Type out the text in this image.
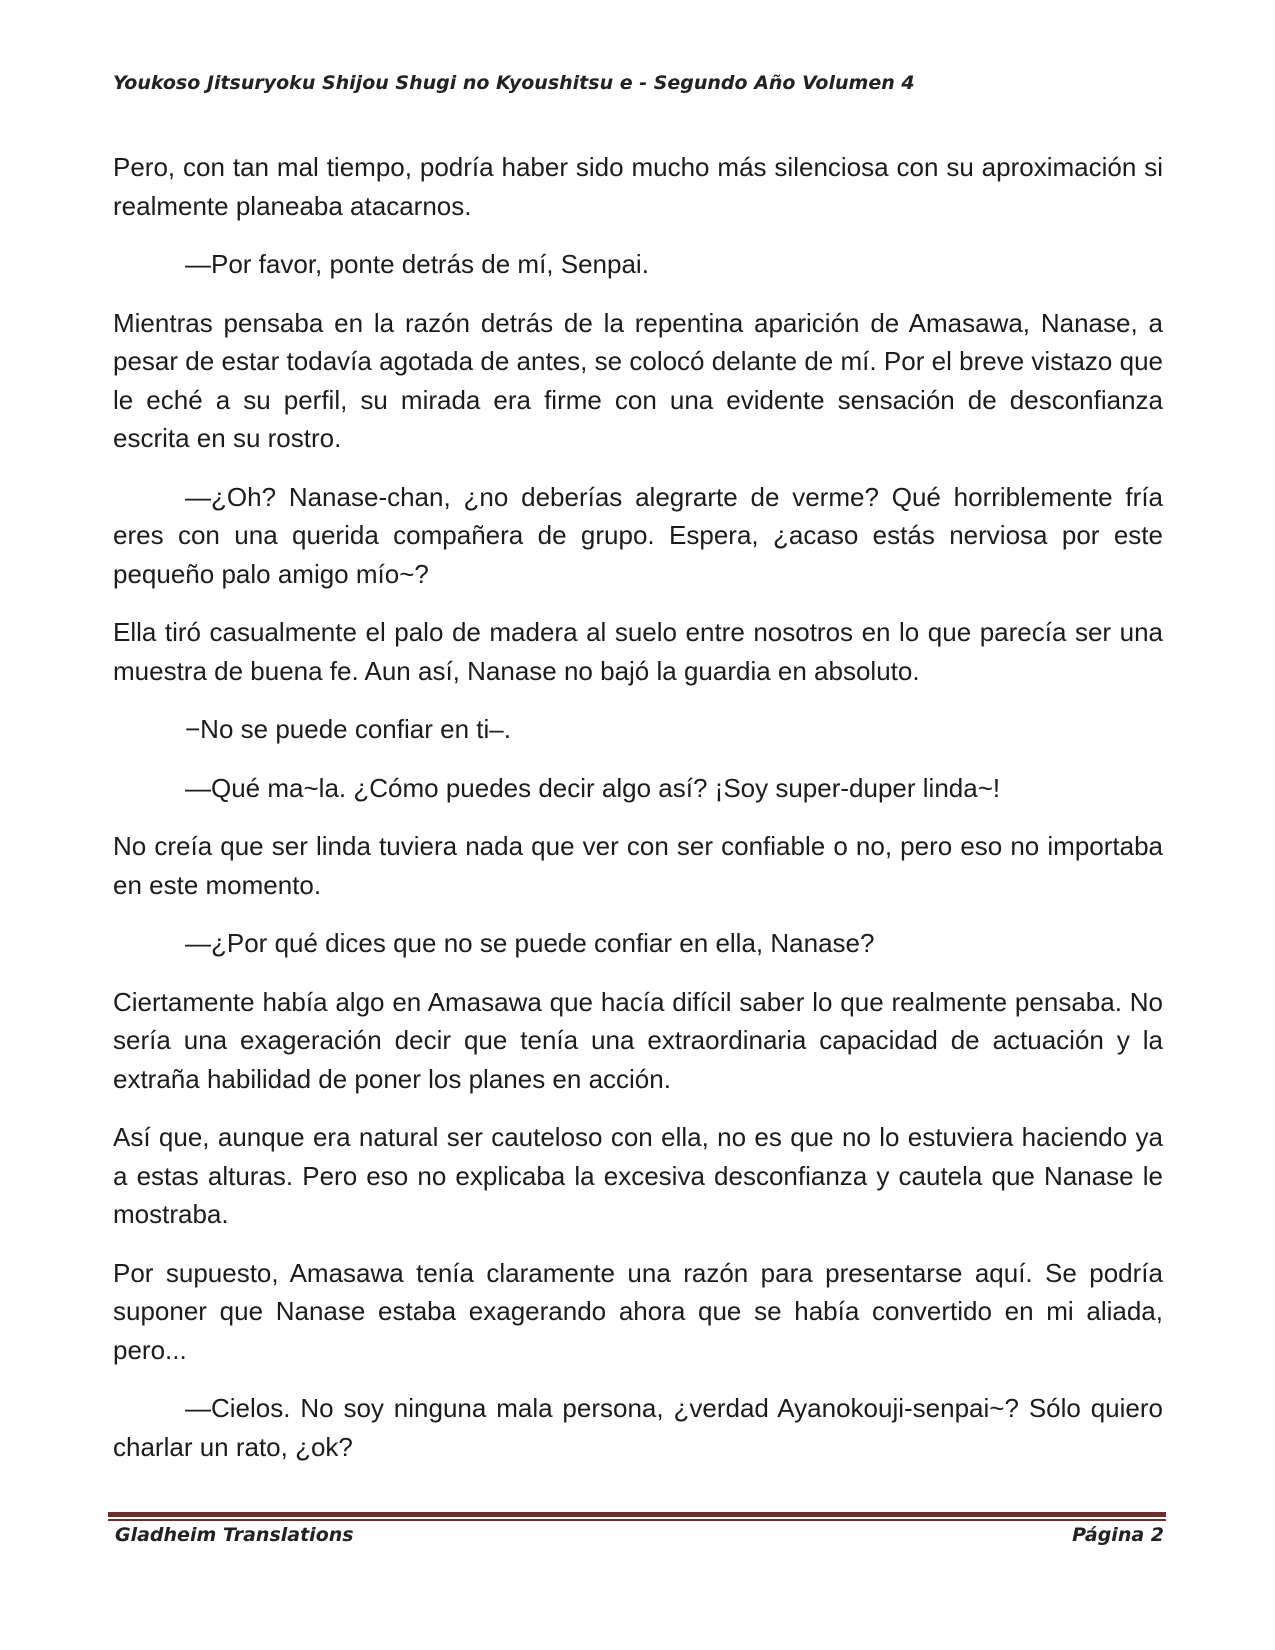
Youkoso Jitsuryoku Shijou Shugi no Kyoushitsu e - Segundo Año Volumen 4

Pero, con tan mal tiempo, podría haber sido mucho más silenciosa con su aproximación si realmente planeaba atacarnos.

—Por favor, ponte detrás de mí, Senpai.

Mientras pensaba en la razón detrás de la repentina aparición de Amasawa, Nanase, a pesar de estar todavía agotada de antes, se colocó delante de mí. Por el breve vistazo que le eché a su perfil, su mirada era firme con una evidente sensación de desconfianza escrita en su rostro.

—¿Oh? Nanase-chan, ¿no deberías alegrarte de verme? Qué horriblemente fría eres con una querida compañera de grupo. Espera, ¿acaso estás nerviosa por este pequeño palo amigo mío~?

Ella tiró casualmente el palo de madera al suelo entre nosotros en lo que parecía ser una muestra de buena fe. Aun así, Nanase no bajó la guardia en absoluto.

−No se puede confiar en ti–.

—Qué ma~la. ¿Cómo puedes decir algo así? ¡Soy super-duper linda~!

No creía que ser linda tuviera nada que ver con ser confiable o no, pero eso no importaba en este momento.

—¿Por qué dices que no se puede confiar en ella, Nanase?

Ciertamente había algo en Amasawa que hacía difícil saber lo que realmente pensaba. No sería una exageración decir que tenía una extraordinaria capacidad de actuación y la extraña habilidad de poner los planes en acción.

Así que, aunque era natural ser cauteloso con ella, no es que no lo estuviera haciendo ya a estas alturas. Pero eso no explicaba la excesiva desconfianza y cautela que Nanase le mostraba.

Por supuesto, Amasawa tenía claramente una razón para presentarse aquí. Se podría suponer que Nanase estaba exagerando ahora que se había convertido en mi aliada, pero...

—Cielos. No soy ninguna mala persona, ¿verdad Ayanokouji-senpai~? Sólo quiero charlar un rato, ¿ok?

Gladheim Translations	Página 2
